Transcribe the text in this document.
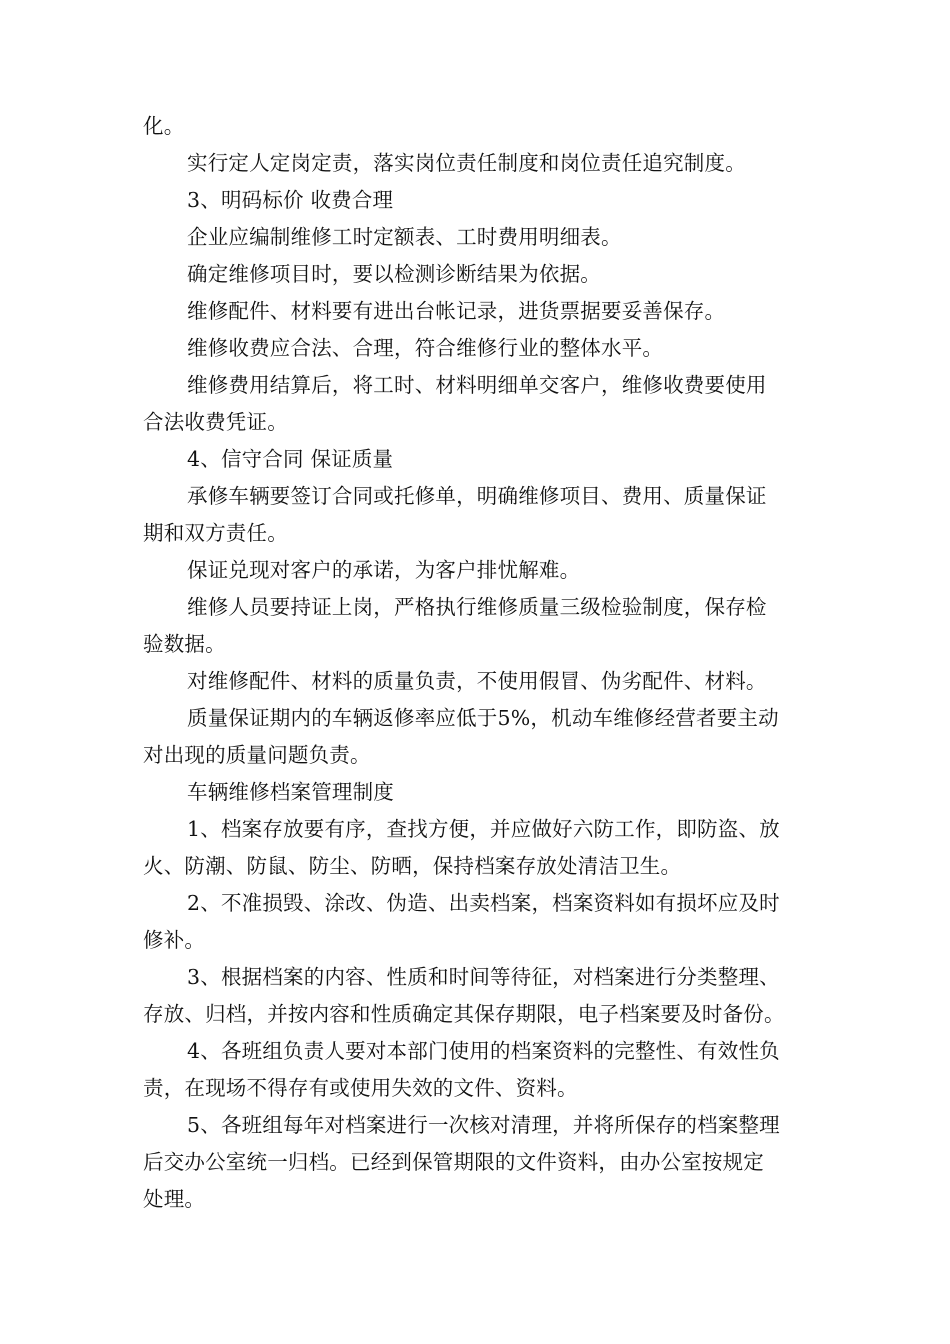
化。
实行定人定岗定责，落实岗位责任制度和岗位责任追究制度。
3、明码标价 收费合理
企业应编制维修工时定额表、工时费用明细表。
确定维修项目时，要以检测诊断结果为依据。
维修配件、材料要有进出台帐记录，进货票据要妥善保存。
维修收费应合法、合理，符合维修行业的整体水平。
维修费用结算后，将工时、材料明细单交客户，维修收费要使用
合法收费凭证。
4、信守合同 保证质量
承修车辆要签订合同或托修单，明确维修项目、费用、质量保证
期和双方责任。
保证兑现对客户的承诺，为客户排忧解难。
维修人员要持证上岗，严格执行维修质量三级检验制度，保存检
验数据。
对维修配件、材料的质量负责，不使用假冒、伪劣配件、材料。
质量保证期内的车辆返修率应低于5%，机动车维修经营者要主动
对出现的质量问题负责。
车辆维修档案管理制度
1、档案存放要有序，查找方便，并应做好六防工作，即防盗、放
火、防潮、防鼠、防尘、防晒，保持档案存放处清洁卫生。
2、不准损毁、涂改、伪造、出卖档案，档案资料如有损坏应及时
修补。
3、根据档案的内容、性质和时间等待征，对档案进行分类整理、
存放、归档，并按内容和性质确定其保存期限，电子档案要及时备份。
4、各班组负责人要对本部门使用的档案资料的完整性、有效性负
责，在现场不得存有或使用失效的文件、资料。
5、各班组每年对档案进行一次核对清理，并将所保存的档案整理
后交办公室统一归档。已经到保管期限的文件资料，由办公室按规定
处理。
